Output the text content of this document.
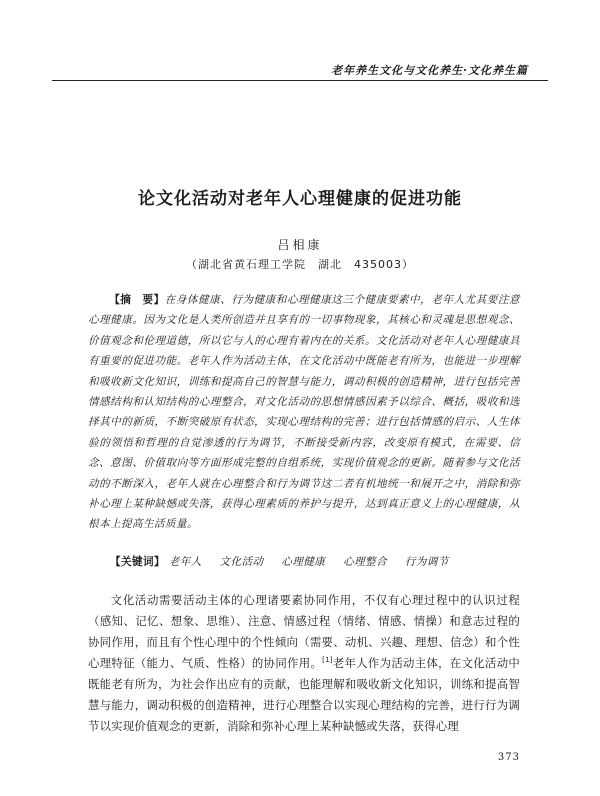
老年养生文化与文化养生·文化养生篇
论文化活动对老年人心理健康的促进功能
吕相康
（湖北省黄石理工学院　湖北　435003）

【摘　要】在身体健康、行为健康和心理健康这三个健康要素中，老年人尤其要注意心理健康。因为文化是人类所创造并且享有的一切事物现象，其核心和灵魂是思想观念、价值观念和伦理道德，所以它与人的心理有着内在的关系。文化活动对老年人心理健康具有重要的促进功能。老年人作为活动主体，在文化活动中既能老有所为，也能进一步理解和吸收新文化知识，训练和提高自己的智慧与能力，调动积极的创造精神，进行包括完善情感结构和认知结构的心理整合，对文化活动的思想情感因素予以综合、概括，吸收和选择其中的新质，不断突破原有状态，实现心理结构的完善；进行包括情感的启示、人生体验的领悟和哲理的自觉渗透的行为调节，不断接受新内容，改变原有模式，在需要、信念、意图、价值取向等方面形成完整的自组系统，实现价值观念的更新。随着参与文化活动的不断深入，老年人就在心理整合和行为调节这二者有机地统一和展开之中，消除和弥补心理上某种缺憾或失落，获得心理素质的养护与提升，达到真正意义上的心理健康，从根本上提高生活质量。

【关键词】 老年人 文化活动 心理健康 心理整合 行为调节

文化活动需要活动主体的心理诸要素协同作用，不仅有心理过程中的认识过程（感知、记忆、想象、思维）、注意、情感过程（情绪、情感、情操）和意志过程的协同作用，而且有个性心理中的个性倾向（需要、动机、兴趣、理想、信念）和个性心理特征（能力、气质、性格）的协同作用。[1]老年人作为活动主体，在文化活动中既能老有所为，为社会作出应有的贡献，也能理解和吸收新文化知识，训练和提高智慧与能力，调动积极的创造精神，进行心理整合以实现心理结构的完善，进行行为调节以实现价值观念的更新，消除和弥补心理上某种缺憾或失落，获得心理

373
